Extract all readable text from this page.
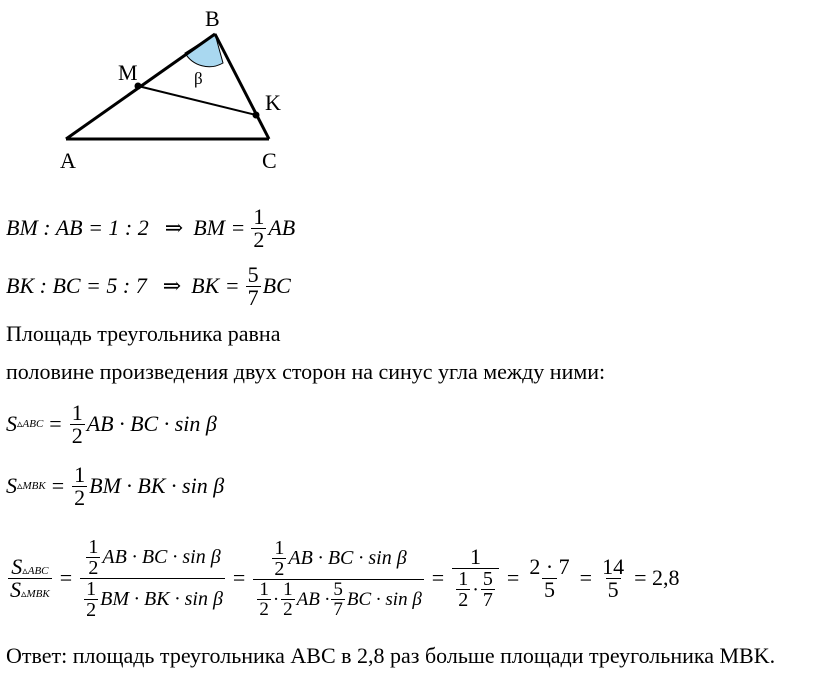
B
M	β
K
A	C
BM : AB = 1 : 2 ⇒ BM = $\frac{1}{2}$ AB
BK : BC = 5 : 7 ⇒ BK = $\frac{5}{7}$ BC
Площадь треугольника равна
половине произведения двух сторон на синус угла между ними:
S ▵ABC = $\frac{1}{2}$ AB · BC · sin β
S ▵MBK = $\frac{1}{2}$ BM · BK · sin β
$\frac{\text{S ▵ABC}}{\text{S ▵MBK}} = \frac{\frac{1}{2} AB \cdot BC \cdot \sin \beta}{\frac{1}{2} BM \cdot BK \cdot \sin \beta} = \frac{1}{2}$ AB · BC · sin β
$\frac{1}{2} \cdot \frac{1}{2}$ AB · $\frac{5}{7}$ BC · sin β
= $\frac{1}{\frac{1}{2} \cdot \frac{5}{7}} = \frac{2 \cdot 7}{5} = \frac{14}{5} = 2,8$
Ответ: площадь треугольника ABC в 2,8 раз больше площади треугольника MBK.
